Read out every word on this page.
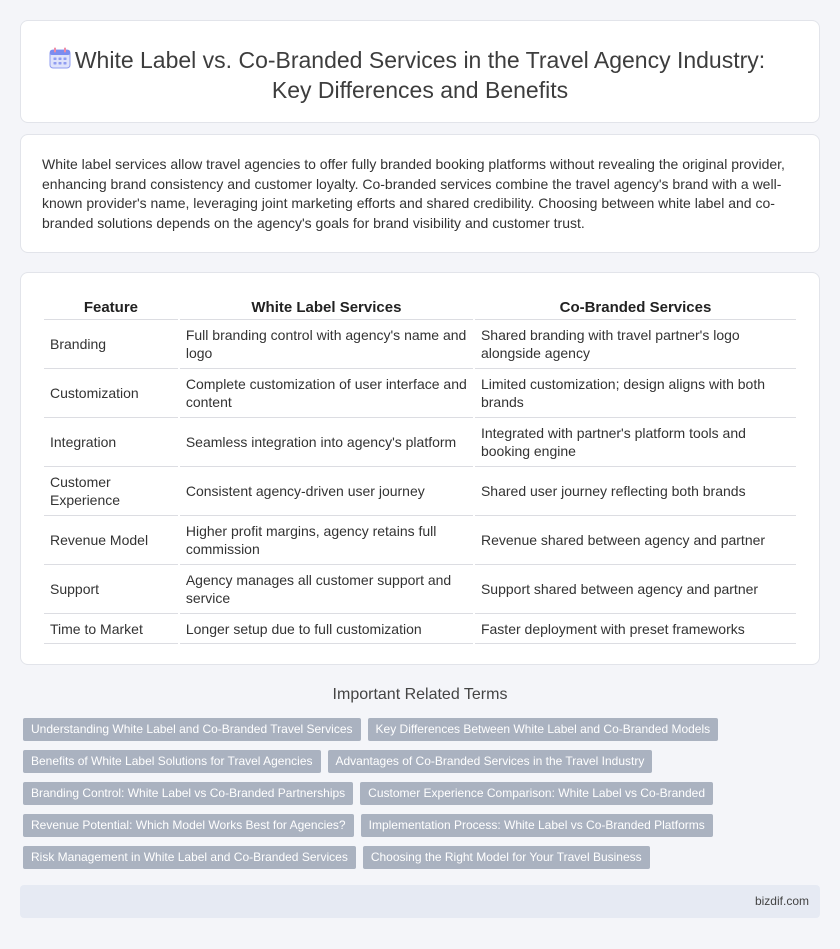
White Label vs. Co-Branded Services in the Travel Agency Industry: Key Differences and Benefits

White label services allow travel agencies to offer fully branded booking platforms without revealing the original provider, enhancing brand consistency and customer loyalty. Co-branded services combine the travel agency's brand with a well-known provider's name, leveraging joint marketing efforts and shared credibility. Choosing between white label and co-branded solutions depends on the agency's goals for brand visibility and customer trust.

Feature	White Label Services	Co-Branded Services
Branding	Full branding control with agency's name and logo	Shared branding with travel partner's logo alongside agency
Customization	Complete customization of user interface and content	Limited customization; design aligns with both brands
Integration	Seamless integration into agency's platform	Integrated with partner's platform tools and booking engine
Customer Experience	Consistent agency-driven user journey	Shared user journey reflecting both brands
Revenue Model	Higher profit margins, agency retains full commission	Revenue shared between agency and partner
Support	Agency manages all customer support and service	Support shared between agency and partner
Time to Market	Longer setup due to full customization	Faster deployment with preset frameworks
Important Related Terms
Understanding White Label and Co-Branded Travel Services	Key Differences Between White Label and Co-Branded Models
Benefits of White Label Solutions for Travel Agencies	Advantages of Co-Branded Services in the Travel Industry
Branding Control: White Label vs Co-Branded Partnerships	Customer Experience Comparison: White Label vs Co-Branded
Revenue Potential: Which Model Works Best for Agencies?	Implementation Process: White Label vs Co-Branded Platforms
Risk Management in White Label and Co-Branded Services	Choosing the Right Model for Your Travel Business
bizdif.com
